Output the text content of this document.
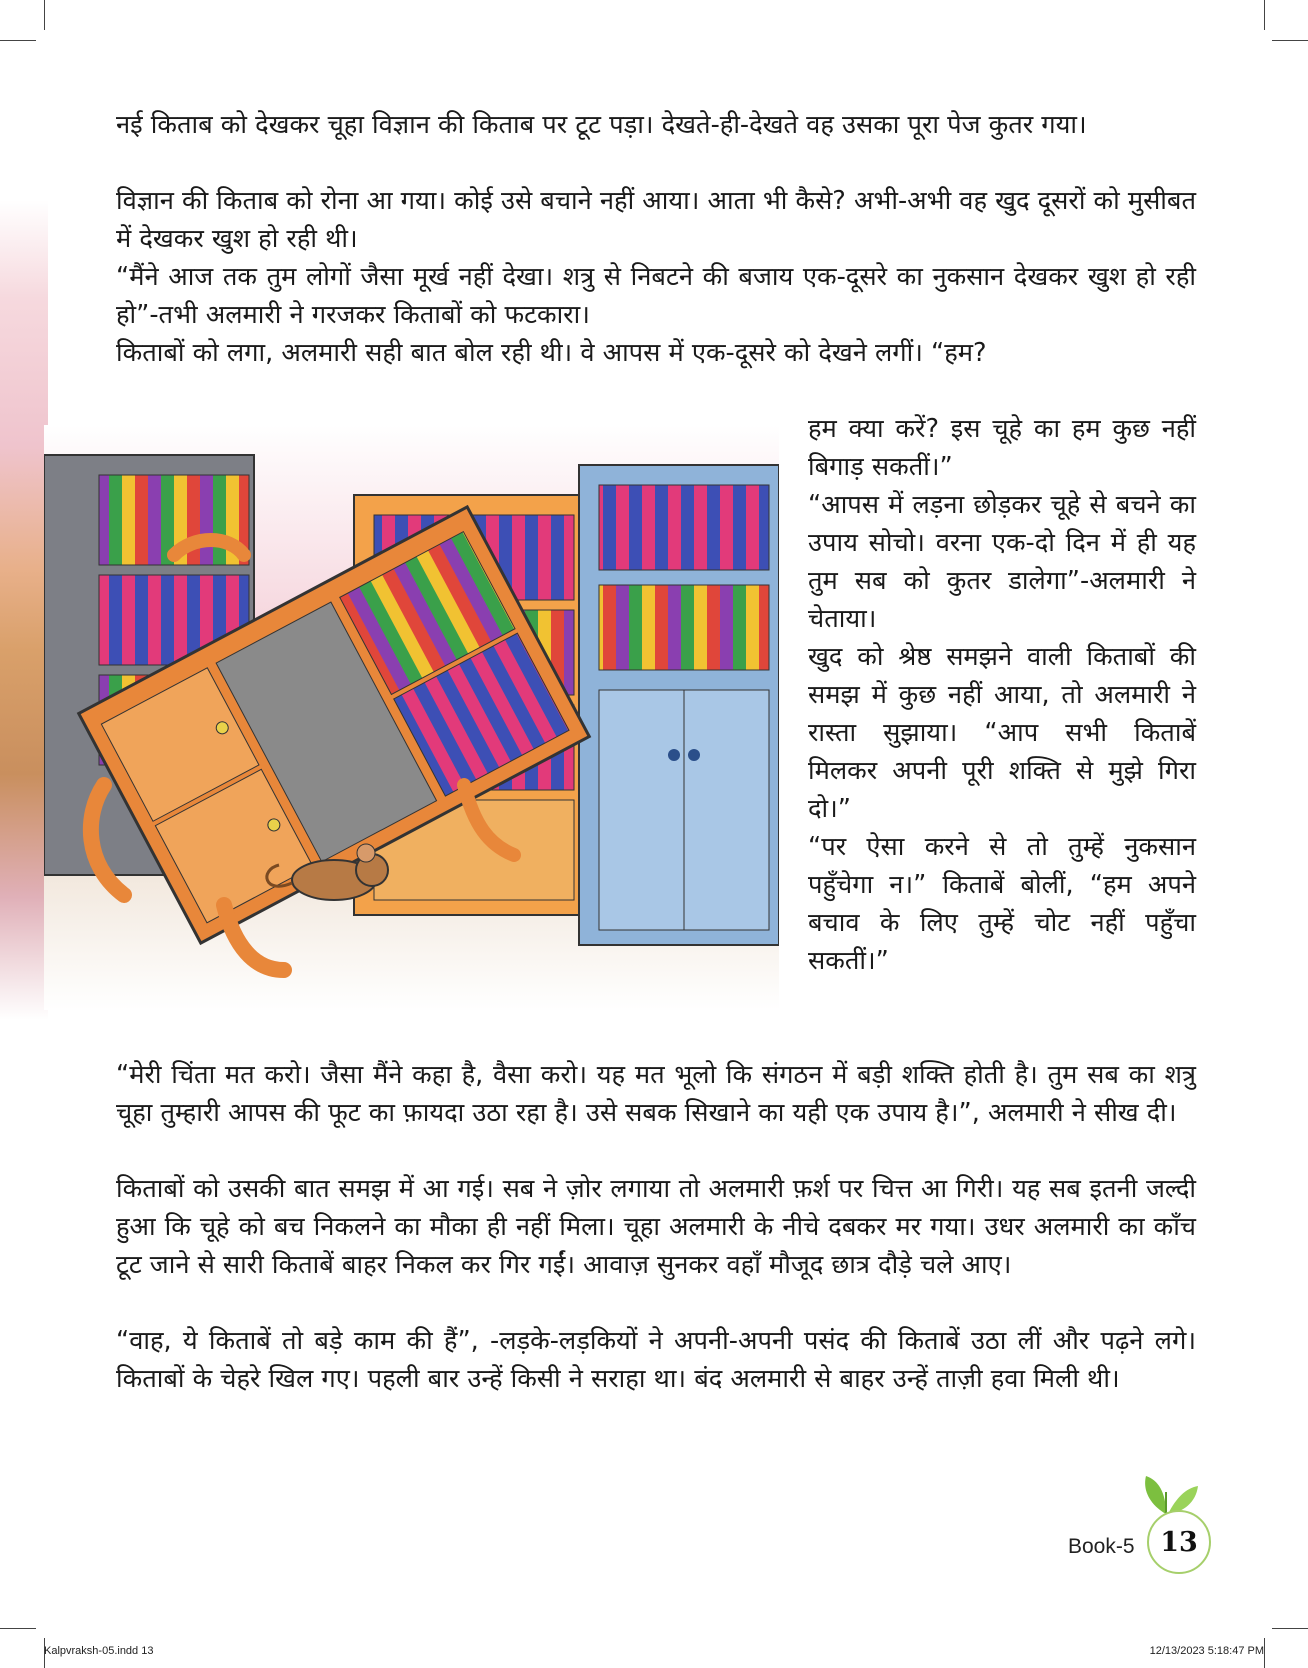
नई किताब को देखकर चूहा विज्ञान की किताब पर टूट पड़ा। देखते-ही-देखते वह उसका पूरा पेज कुतर गया।
विज्ञान की किताब को रोना आ गया। कोई उसे बचाने नहीं आया। आता भी कैसे? अभी-अभी वह खुद दूसरों को मुसीबत में देखकर खुश हो रही थी।
“मैंने आज तक तुम लोगों जैसा मूर्ख नहीं देखा। शत्रु से निबटने की बजाय एक-दूसरे का नुकसान देखकर खुश हो रही हो”-तभी अलमारी ने गरजकर किताबों को फटकारा।
किताबों को लगा, अलमारी सही बात बोल रही थी। वे आपस में एक-दूसरे को देखने लगीं। “हम?
हम क्या करें? इस चूहे का हम कुछ नहीं बिगाड़ सकतीं।”
“आपस में लड़ना छोड़कर चूहे से बचने का उपाय सोचो। वरना एक-दो दिन में ही यह तुम सब को कुतर डालेगा”-अलमारी ने चेताया।
खुद को श्रेष्ठ समझने वाली किताबों की समझ में कुछ नहीं आया, तो अलमारी ने रास्ता सुझाया। “आप सभी किताबें मिलकर अपनी पूरी शक्ति से मुझे गिरा दो।”
“पर ऐसा करने से तो तुम्हें नुकसान पहुँचेगा न।” किताबें बोलीं, “हम अपने बचाव के लिए तुम्हें चोट नहीं पहुँचा सकतीं।”
“मेरी चिंता मत करो। जैसा मैंने कहा है, वैसा करो। यह मत भूलो कि संगठन में बड़ी शक्ति होती है। तुम सब का शत्रु चूहा तुम्हारी आपस की फूट का फ़ायदा उठा रहा है। उसे सबक सिखाने का यही एक उपाय है।”, अलमारी ने सीख दी।
किताबों को उसकी बात समझ में आ गई। सब ने ज़ोर लगाया तो अलमारी फ़र्श पर चित्त आ गिरी। यह सब इतनी जल्दी हुआ कि चूहे को बच निकलने का मौका ही नहीं मिला। चूहा अलमारी के नीचे दबकर मर गया। उधर अलमारी का काँच टूट जाने से सारी किताबें बाहर निकल कर गिर गईं। आवाज़ सुनकर वहाँ मौजूद छात्र दौड़े चले आए।
“वाह, ये किताबें तो बड़े काम की हैं”, -लड़के-लड़कियों ने अपनी-अपनी पसंद की किताबें उठा लीं और पढ़ने लगे। किताबों के चेहरे खिल गए। पहली बार उन्हें किसी ने सराहा था। बंद अलमारी से बाहर उन्हें ताज़ी हवा मिली थी।
Book-5 13
Kalpvraksh-05.indd 13	12/13/2023 5:18:47 PM
